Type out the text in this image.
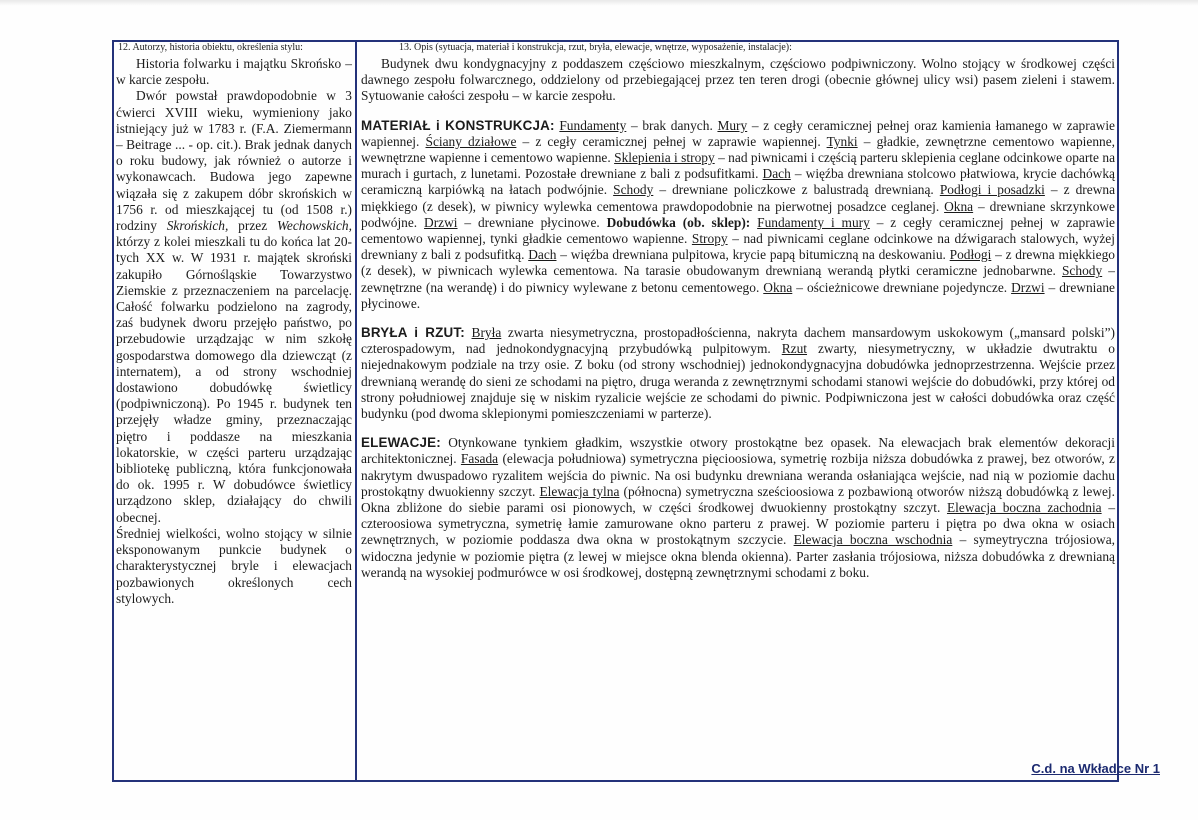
12. Autorzy, historia obiektu, określenia stylu:

Historia folwarku i majątku Skrońsko – w karcie zespołu.

Dwór powstał prawdopodobnie w 3 ćwierci XVIII wieku, wymieniony jako istniejący już w 1783 r. (F.A. Ziemermann – Beitrage ... - op. cit.). Brak jednak danych o roku budowy, jak również o autorze i wykonawcach. Budowa jego zapewne wiązała się z zakupem dóbr skrońskich w 1756 r. od mieszkającej tu (od 1508 r.) rodziny Skrońskich, przez Wechowskich, którzy z kolei mieszkali tu do końca lat 20-tych XX w. W 1931 r. majątek skroński zakupiło Górnośląskie Towarzystwo Ziemskie z przeznaczeniem na parcelację. Całość folwarku podzielono na zagrody, zaś budynek dworu przejęło państwo, po przebudowie urządzając w nim szkołę gospodarstwa domowego dla dziewcząt (z internatem), a od strony wschodniej dostawiono dobudówkę świetlicy (podpiwniczoną). Po 1945 r. budynek ten przejęły władze gminy, przeznaczając piętro i poddasze na mieszkania lokatorskie, w części parteru urządzając bibliotekę publiczną, która funkcjonowała do ok. 1995 r. W dobudówce świetlicy urządzono sklep, działający do chwili obecnej.

Średniej wielkości, wolno stojący w silnie eksponowanym punkcie budynek o charakterystycznej bryle i elewacjach pozbawionych określonych cech stylowych.

13. Opis (sytuacja, materiał i konstrukcja, rzut, bryła, elewacje, wnętrze, wyposażenie, instalacje):

Budynek dwu kondygnacyjny z poddaszem częściowo mieszkalnym, częściowo podpiwniczony. Wolno stojący w środkowej części dawnego zespołu folwarcznego, oddzielony od przebiegającej przez ten teren drogi (obecnie głównej ulicy wsi) pasem zieleni i stawem. Sytuowanie całości zespołu – w karcie zespołu.

MATERIAŁ i KONSTRUKCJA: Fundamenty – brak danych. Mury – z cegły ceramicznej pełnej oraz kamienia łamanego w zaprawie wapiennej. Ściany działowe – z cegły ceramicznej pełnej w zaprawie wapiennej. Tynki – gładkie, zewnętrzne cementowo wapienne, wewnętrzne wapienne i cementowo wapienne. Sklepienia i stropy – nad piwnicami i częścią parteru sklepienia ceglane odcinkowe oparte na murach i gurtach, z lunetami. Pozostałe drewniane z bali z podsufitkami. Dach – więźba drewniana stolcowo płatwiowa, krycie dachówką ceramiczną karpiówką na łatach podwójnie. Schody – drewniane policzkowe z balustradą drewnianą. Podłogi i posadzki – z drewna miękkiego (z desek), w piwnicy wylewka cementowa prawdopodobnie na pierwotnej posadzce ceglanej. Okna – drewniane skrzynkowe podwójne. Drzwi – drewniane płycinowe. Dobudówka (ob. sklep): Fundamenty i mury – z cegły ceramicznej pełnej w zaprawie cementowo wapiennej, tynki gładkie cementowo wapienne. Stropy – nad piwnicami ceglane odcinkowe na dźwigarach stalowych, wyżej drewniany z bali z podsufitką. Dach – więźba drewniana pulpitowa, krycie papą bitumiczną na deskowaniu. Podłogi – z drewna miękkiego (z desek), w piwnicach wylewka cementowa. Na tarasie obudowanym drewnianą werandą płytki ceramiczne jednobarwne. Schody – zewnętrzne (na werandę) i do piwnicy wylewane z betonu cementowego. Okna – ościeżnicowe drewniane pojedyncze. Drzwi – drewniane płycinowe.

BRYŁA i RZUT: Bryła zwarta niesymetryczna, prostopadłościenna, nakryta dachem mansardowym uskokowym („mansard polski”) czterospadowym, nad jednokondygnacyjną przybudówką pulpitowym. Rzut zwarty, niesymetryczny, w układzie dwutraktu o niejednakowym podziale na trzy osie. Z boku (od strony wschodniej) jednokondygnacyjna dobudówka jednoprzestrzenna. Wejście przez drewnianą werandę do sieni ze schodami na piętro, druga weranda z zewnętrznymi schodami stanowi wejście do dobudówki, przy której od strony południowej znajduje się w niskim ryzalicie wejście ze schodami do piwnic. Podpiwniczona jest w całości dobudówka oraz część budynku (pod dwoma sklepionymi pomieszczeniami w parterze).

ELEWACJE: Otynkowane tynkiem gładkim, wszystkie otwory prostokątne bez opasek. Na elewacjach brak elementów dekoracji architektonicznej. Fasada (elewacja południowa) symetryczna pięcioosiowa, symetrię rozbija niższa dobudówka z prawej, bez otworów, z nakrytym dwuspadowo ryzalitem wejścia do piwnic. Na osi budynku drewniana weranda osłaniająca wejście, nad nią w poziomie dachu prostokątny dwuokienny szczyt. Elewacja tylna (północna) symetryczna sześcioosiowa z pozbawioną otworów niższą dobudówką z lewej. Okna zbliżone do siebie parami osi pionowych, w części środkowej dwuokienny prostokątny szczyt. Elewacja boczna zachodnia – czteroosiowa symetryczna, symetrię łamie zamurowane okno parteru z prawej. W poziomie parteru i piętra po dwa okna w osiach zewnętrznych, w poziomie poddasza dwa okna w prostokątnym szczycie. Elewacja boczna wschodnia – symeytryczna trójosiowa, widoczna jedynie w poziomie piętra (z lewej w miejsce okna blenda okienna). Parter zasłania trójosiowa, niższa dobudówka z drewnianą werandą na wysokiej podmurówce w osi środkowej, dostępną zewnętrznymi schodami z boku.

C.d. na Wkładce Nr 1
